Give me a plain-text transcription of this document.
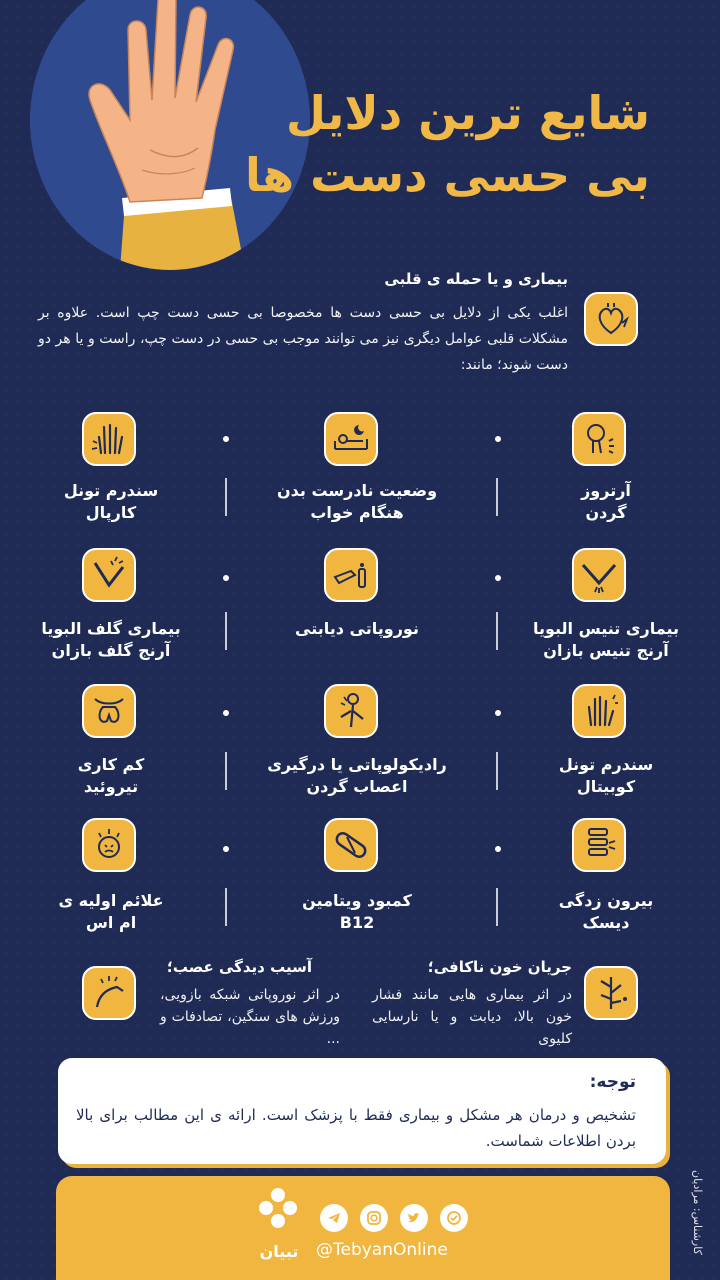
شایع ترین دلایل
بی حسی دست ها
بیماری و یا حمله ی قلبی
اغلب یکی از دلایل بی حسی دست ها مخصوصا بی حسی دست چپ است. علاوه بر مشکلات قلبی عوامل دیگری نیز می توانند موجب بی حسی در دست چپ، راست و یا هر دو دست شوند؛ مانند:
آرتروز
گردن
وضعیت نادرست بدن
هنگام خواب
سندرم تونل
کارپال
بیماری تنیس البویا
آرنج تنیس بازان
نوروپاتی دیابتی
بیماری گلف البویا
آرنج گلف بازان
سندرم تونل
کوبیتال
رادیکولوپاتی یا درگیری
اعصاب گردن
کم کاری
تیروئید
بیرون زدگی
دیسک
کمبود ویتامین
B12
علائم اولیه ی
ام اس
جریان خون ناکافی؛
در اثر بیماری هایی مانند فشار خون بالا، دیابت و یا نارسایی کلیوی
آسیب دیدگی عصب؛
در اثر نوروپاتی شبکه بازویی، ورزش های سنگین، تصادفات و ...
توجه:
تشخیص و درمان هر مشکل و بیماری فقط با پزشک است. ارائه ی این مطالب برای بالا بردن اطلاعات شماست.
کارشناس: مرادیان
تبیان	@TebyanOnline
